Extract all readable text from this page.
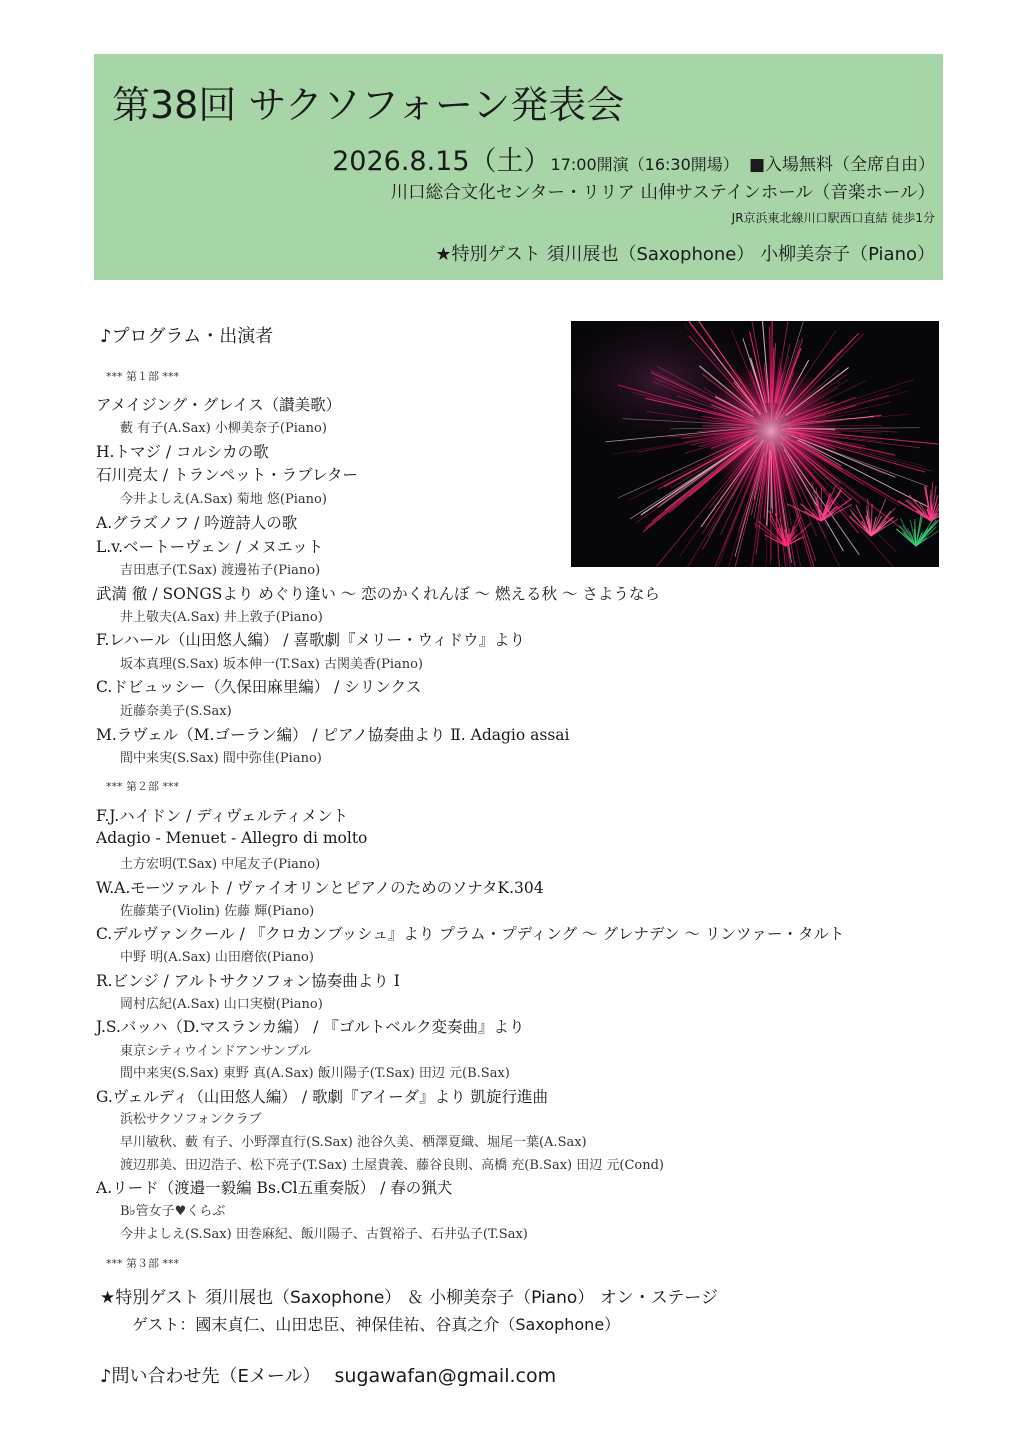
第38回 サクソフォーン発表会
2026.8.15（土）17:00開演（16:30開場） ■入場無料（全席自由）
川口総合文化センター・リリア 山伸サステインホール（音楽ホール）
JR京浜東北線川口駅西口直結 徒歩1分
★特別ゲスト 須川展也（Saxophone） 小柳美奈子（Piano）
♪プログラム・出演者
*** 第１部 ***
*** 第２部 ***
*** 第３部 ***
アメイジング・グレイス（讃美歌）
藪 有子(A.Sax) 小柳美奈子(Piano)
H.トマジ / コルシカの歌
石川亮太 / トランペット・ラブレター
今井よしえ(A.Sax) 菊地 悠(Piano)
A.グラズノフ / 吟遊詩人の歌
L.v.ベートーヴェン / メヌエット
吉田恵子(T.Sax) 渡邊祐子(Piano)
武満 徹 / SONGSより めぐり逢い ～ 恋のかくれんぼ ～ 燃える秋 ～ さようなら
井上敬夫(A.Sax) 井上敦子(Piano)
F.レハール（山田悠人編） / 喜歌劇『メリー・ウィドウ』より
坂本真理(S.Sax) 坂本伸一(T.Sax) 古関美香(Piano)
C.ドビュッシー（久保田麻里編） / シリンクス
近藤奈美子(S.Sax)
M.ラヴェル（M.ゴーラン編） / ピアノ協奏曲より Ⅱ. Adagio assai
間中来実(S.Sax) 間中弥佳(Piano)
F.J.ハイドン / ディヴェルティメント
Adagio - Menuet - Allegro di molto
土方宏明(T.Sax) 中尾友子(Piano)
W.A.モーツァルト / ヴァイオリンとピアノのためのソナタK.304
佐藤葉子(Violin) 佐藤 輝(Piano)
C.デルヴァンクール / 『クロカンブッシュ』より プラム・プディング ～ グレナデン ～ リンツァー・タルト
中野 明(A.Sax) 山田磨依(Piano)
R.ビンジ / アルトサクソフォン協奏曲より Ⅰ
岡村広紀(A.Sax) 山口実樹(Piano)
J.S.バッハ（D.マスランカ編） / 『ゴルトベルク変奏曲』より
東京シティウインドアンサンブル
間中来実(S.Sax) 東野 真(A.Sax) 飯川陽子(T.Sax) 田辺 元(B.Sax)
G.ヴェルディ（山田悠人編） / 歌劇『アイーダ』より 凱旋行進曲
浜松サクソフォンクラブ
早川敏秋、藪 有子、小野澤直行(S.Sax) 池谷久美、栖澤夏織、堀尾一葉(A.Sax)
渡辺那美、田辺浩子、松下亮子(T.Sax) 土屋貴義、藤谷良則、高橋 充(B.Sax) 田辺 元(Cond)
A.リード（渡邉一毅編 Bs.Cl五重奏版） / 春の猟犬
B♭管女子♥くらぶ
今井よしえ(S.Sax) 田巻麻紀、飯川陽子、古賀裕子、石井弘子(T.Sax)
★特別ゲスト 須川展也（Saxophone） ＆ 小柳美奈子（Piano） オン・ステージ
ゲスト：國末貞仁、山田忠臣、神保佳祐、谷真之介（Saxophone）
♪問い合わせ先（Eメール） sugawafan@gmail.com
